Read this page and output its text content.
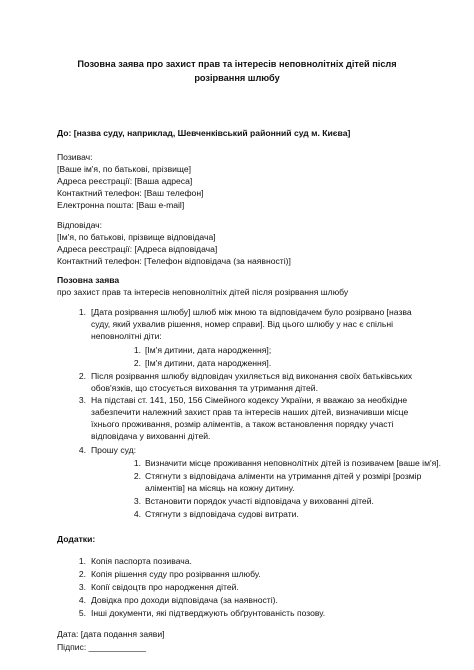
Позовна заява про захист прав та інтересів неповнолітніх дітей після
розірвання шлюбу
До: [назва суду, наприклад, Шевченківський районний суд м. Києва]
Позивач:
[Ваше ім'я, по батькові, прізвище]
Адреса реєстрації: [Ваша адреса]
Контактний телефон: [Ваш телефон]
Електронна пошта: [Ваш e-mail]
Відповідач:
[Ім'я, по батькові, прізвище відповідача]
Адреса реєстрації: [Адреса відповідача]
Контактний телефон: [Телефон відповідача (за наявності)]
Позовна заява
про захист прав та інтересів неповнолітніх дітей після розірвання шлюбу
1. [Дата розірвання шлюбу] шлюб між мною та відповідачем було розірвано [назва
суду, який ухвалив рішення, номер справи]. Від цього шлюбу у нас є спільні
неповнолітні діти:
1. [Ім'я дитини, дата народження];
2. [Ім'я дитини, дата народження].
2. Після розірвання шлюбу відповідач ухиляється від виконання своїх батьківських
обов'язків, що стосується виховання та утримання дітей.
3. На підставі ст. 141, 150, 156 Сімейного кодексу України, я вважаю за необхідне
забезпечити належний захист прав та інтересів наших дітей, визначивши місце
їхнього проживання, розмір аліментів, а також встановлення порядку участі
відповідача у вихованні дітей.
4. Прошу суд:
1. Визначити місце проживання неповнолітніх дітей із позивачем [ваше ім'я].
2. Стягнути з відповідача аліменти на утримання дітей у розмірі [розмір
аліментів] на місяць на кожну дитину.
3. Встановити порядок участі відповідача у вихованні дітей.
4. Стягнути з відповідача судові витрати.
Додатки:
1. Копія паспорта позивача.
2. Копія рішення суду про розірвання шлюбу.
3. Копії свідоцтв про народження дітей.
4. Довідка про доходи відповідача (за наявності).
5. Інші документи, які підтверджують обґрунтованість позову.
Дата: [дата подання заяви]
Підпис: ____________
